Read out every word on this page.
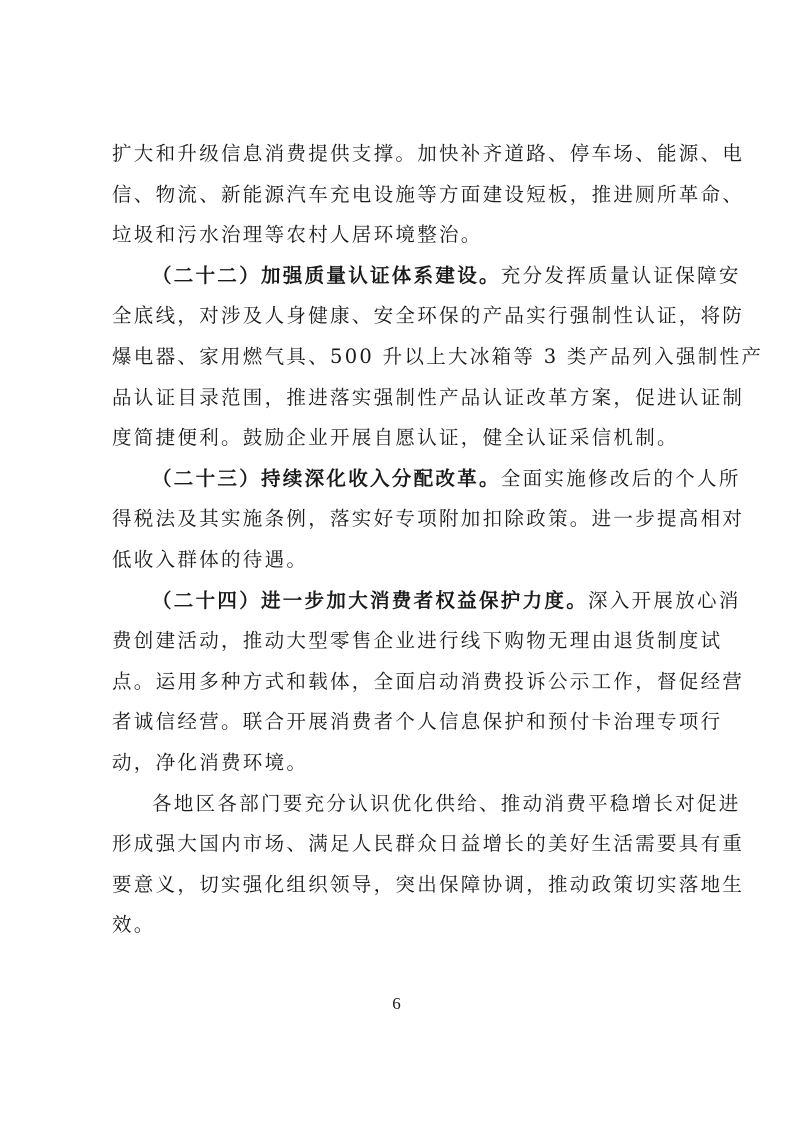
扩大和升级信息消费提供支撑。加快补齐道路、停车场、能源、电
信、物流、新能源汽车充电设施等方面建设短板，推进厕所革命、
垃圾和污水治理等农村人居环境整治。
（二十二）加强质量认证体系建设。充分发挥质量认证保障安
全底线，对涉及人身健康、安全环保的产品实行强制性认证，将防
爆电器、家用燃气具、500 升以上大冰箱等 3 类产品列入强制性产
品认证目录范围，推进落实强制性产品认证改革方案，促进认证制
度简捷便利。鼓励企业开展自愿认证，健全认证采信机制。
（二十三）持续深化收入分配改革。全面实施修改后的个人所
得税法及其实施条例，落实好专项附加扣除政策。进一步提高相对
低收入群体的待遇。
（二十四）进一步加大消费者权益保护力度。深入开展放心消
费创建活动，推动大型零售企业进行线下购物无理由退货制度试
点。运用多种方式和载体，全面启动消费投诉公示工作，督促经营
者诚信经营。联合开展消费者个人信息保护和预付卡治理专项行
动，净化消费环境。
各地区各部门要充分认识优化供给、推动消费平稳增长对促进
形成强大国内市场、满足人民群众日益增长的美好生活需要具有重
要意义，切实强化组织领导，突出保障协调，推动政策切实落地生
效。
6
